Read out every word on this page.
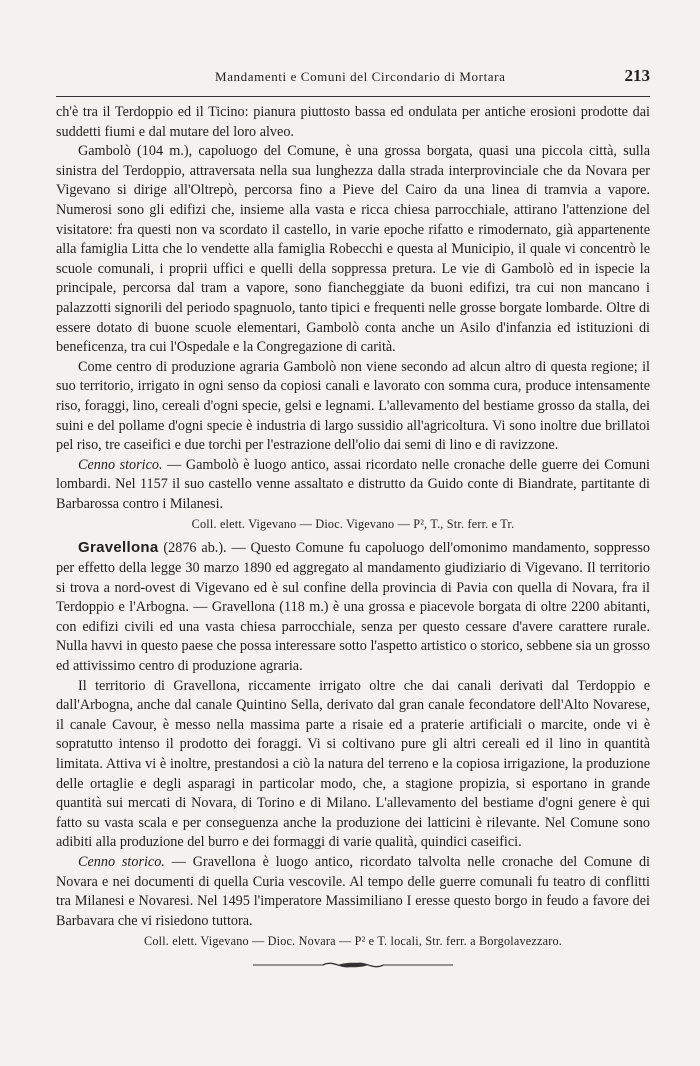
Mandamenti e Comuni del Circondario di Mortara	213

ch'è tra il Terdoppio ed il Ticino: pianura piuttosto bassa ed ondulata per antiche erosioni prodotte dai suddetti fiumi e dal mutare del loro alveo.

Gambolò (104 m.), capoluogo del Comune, è una grossa borgata, quasi una piccola città, sulla sinistra del Terdoppio, attraversata nella sua lunghezza dalla strada interprovinciale che da Novara per Vigevano si dirige all'Oltrepò, percorsa fino a Pieve del Cairo da una linea di tramvia a vapore. Numerosi sono gli edifizi che, insieme alla vasta e ricca chiesa parrocchiale, attirano l'attenzione del visitatore: fra questi non va scordato il castello, in varie epoche rifatto e rimodernato, già appartenente alla famiglia Litta che lo vendette alla famiglia Robecchi e questa al Municipio, il quale vi concentrò le scuole comunali, i proprii uffici e quelli della soppressa pretura. Le vie di Gambolò ed in ispecie la principale, percorsa dal tram a vapore, sono fiancheggiate da buoni edifizi, tra cui non mancano i palazzotti signorili del periodo spagnuolo, tanto tipici e frequenti nelle grosse borgate lombarde. Oltre di essere dotato di buone scuole elementari, Gambolò conta anche un Asilo d'infanzia ed istituzioni di beneficenza, tra cui l'Ospedale e la Congregazione di carità.

Come centro di produzione agraria Gambolò non viene secondo ad alcun altro di questa regione; il suo territorio, irrigato in ogni senso da copiosi canali e lavorato con somma cura, produce intensamente riso, foraggi, lino, cereali d'ogni specie, gelsi e legnami. L'allevamento del bestiame grosso da stalla, dei suini e del pollame d'ogni specie è industria di largo sussidio all'agricoltura. Vi sono inoltre due brillatoi pel riso, tre caseifici e due torchi per l'estrazione dell'olio dai semi di lino e di ravizzone.

Cenno storico. — Gambolò è luogo antico, assai ricordato nelle cronache delle guerre dei Comuni lombardi. Nel 1157 il suo castello venne assaltato e distrutto da Guido conte di Biandrate, partitante di Barbarossa contro i Milanesi.

Coll. elett. Vigevano — Dioc. Vigevano — P², T., Str. ferr. e Tr.

Gravellona (2876 ab.). — Questo Comune fu capoluogo dell'omonimo mandamento, soppresso per effetto della legge 30 marzo 1890 ed aggregato al mandamento giudiziario di Vigevano. Il territorio si trova a nord-ovest di Vigevano ed è sul confine della provincia di Pavia con quella di Novara, fra il Terdoppio e l'Arbogna. — Gravellona (118 m.) è una grossa e piacevole borgata di oltre 2200 abitanti, con edifizi civili ed una vasta chiesa parrocchiale, senza per questo cessare d'avere carattere rurale. Nulla havvi in questo paese che possa interessare sotto l'aspetto artistico o storico, sebbene sia un grosso ed attivissimo centro di produzione agraria.

Il territorio di Gravellona, riccamente irrigato oltre che dai canali derivati dal Terdoppio e dall'Arbogna, anche dal canale Quintino Sella, derivato dal gran canale fecondatore dell'Alto Novarese, il canale Cavour, è messo nella massima parte a risaie ed a praterie artificiali o marcite, onde vi è sopratutto intenso il prodotto dei foraggi. Vi si coltivano pure gli altri cereali ed il lino in quantità limitata. Attiva vi è inoltre, prestandosi a ciò la natura del terreno e la copiosa irrigazione, la produzione delle ortaglie e degli asparagi in particolar modo, che, a stagione propizia, si esportano in grande quantità sui mercati di Novara, di Torino e di Milano. L'allevamento del bestiame d'ogni genere è qui fatto su vasta scala e per conseguenza anche la produzione dei latticini è rilevante. Nel Comune sono adibiti alla produzione del burro e dei formaggi di varie qualità, quindici caseifici.

Cenno storico. — Gravellona è luogo antico, ricordato talvolta nelle cronache del Comune di Novara e nei documenti di quella Curia vescovile. Al tempo delle guerre comunali fu teatro di conflitti tra Milanesi e Novaresi. Nel 1495 l'imperatore Massimiliano I eresse questo borgo in feudo a favore dei Barbavara che vi risiedono tuttora.

Coll. elett. Vigevano — Dioc. Novara — P² e T. locali, Str. ferr. a Borgolavezzaro.
